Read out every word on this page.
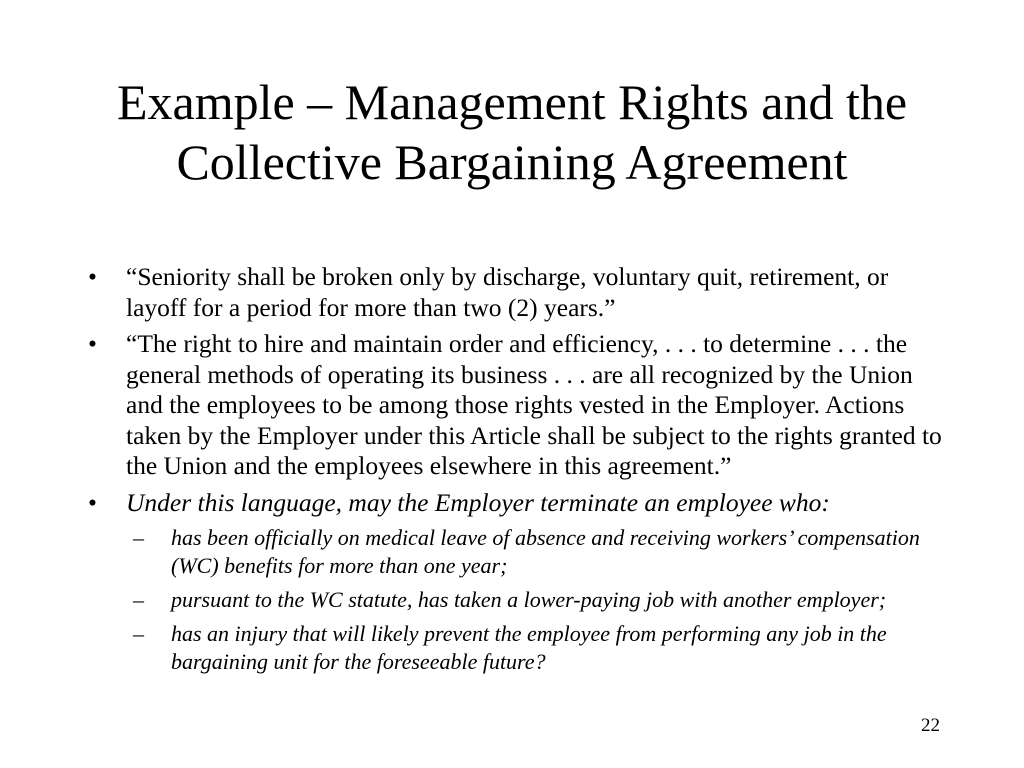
Example – Management Rights and the Collective Bargaining Agreement
• “Seniority shall be broken only by discharge, voluntary quit, retirement, or layoff for a period for more than two (2) years.”
• “The right to hire and maintain order and efficiency, . . . to determine . . . the general methods of operating its business . . . are all recognized by the Union and the employees to be among those rights vested in the Employer. Actions taken by the Employer under this Article shall be subject to the rights granted to the Union and the employees elsewhere in this agreement.”
• Under this language, may the Employer terminate an employee who:
– has been officially on medical leave of absence and receiving workers’ compensation (WC) benefits for more than one year;
– pursuant to the WC statute, has taken a lower-paying job with another employer;
– has an injury that will likely prevent the employee from performing any job in the bargaining unit for the foreseeable future?
22
